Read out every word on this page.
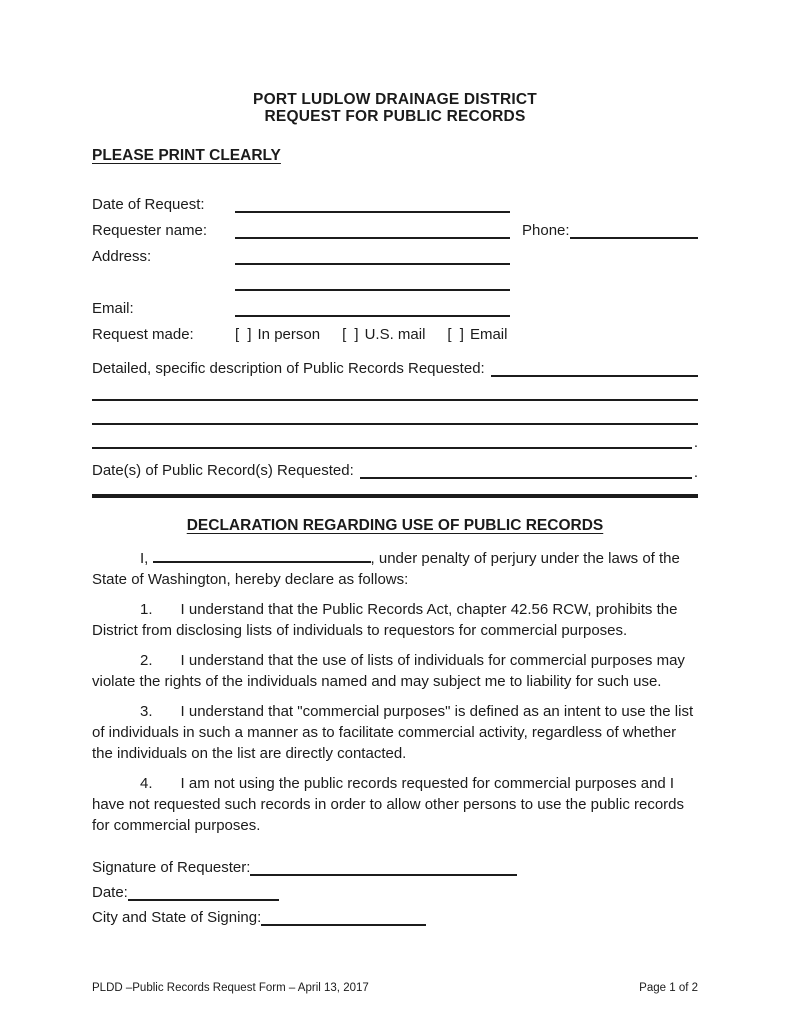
PORT LUDLOW DRAINAGE DISTRICT
REQUEST FOR PUBLIC RECORDS
PLEASE PRINT CLEARLY
Date of Request:
Requester name:	Phone:
Address:
Email:
Request made:	[ ] In person [ ] U.S. mail [ ] Email
Detailed, specific description of Public Records Requested:
.
Date(s) of Public Record(s) Requested:	.
DECLARATION REGARDING USE OF PUBLIC RECORDS

I,	, under penalty of perjury under the laws of the State of Washington, hereby declare as follows:

1. I understand that the Public Records Act, chapter 42.56 RCW, prohibits the District from disclosing lists of individuals to requestors for commercial purposes.

2. I understand that the use of lists of individuals for commercial purposes may violate the rights of the individuals named and may subject me to liability for such use.

3. I understand that "commercial purposes" is defined as an intent to use the list of individuals in such a manner as to facilitate commercial activity, regardless of whether the individuals on the list are directly contacted.

4. I am not using the public records requested for commercial purposes and I have not requested such records in order to allow other persons to use the public records for commercial purposes.

Signature of Requester:
Date:
City and State of Signing:
PLDD –Public Records Request Form – April 13, 2017	Page 1 of 2
